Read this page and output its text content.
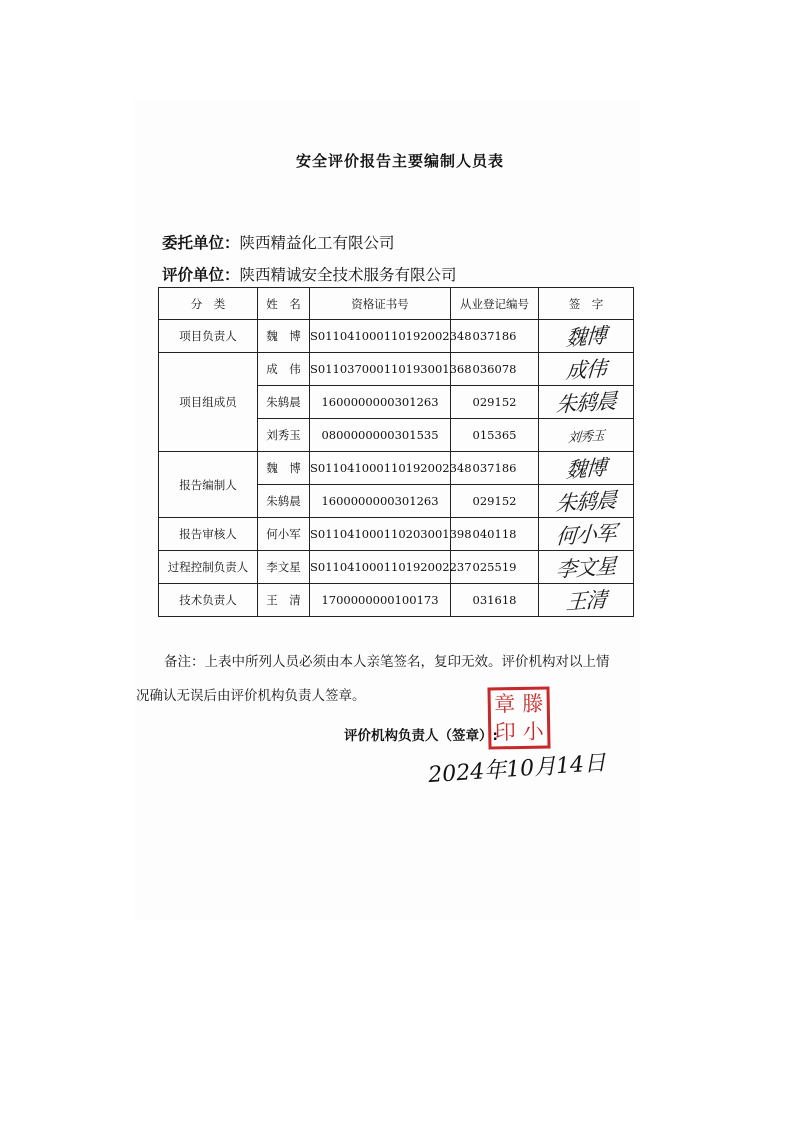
安全评价报告主要编制人员表
委托单位：陕西精益化工有限公司
评价单位：陕西精诚安全技术服务有限公司
分　类	姓　名	资格证书号	从业登记编号	签　字
项目负责人	魏　博	S011041000110192002348	037186	魏博
项目组成员	成　伟	S011037000110193001368	036078	成伟
	朱鸫晨	1600000000301263	029152	朱鸫晨
	刘秀玉	0800000000301535	015365	刘秀玉
报告编制人	魏　博	S011041000110192002348	037186	魏博
	朱鸫晨	1600000000301263	029152	朱鸫晨
报告审核人	何小军	S011041000110203001398	040118	何小军
过程控制负责人	李文星	S011041000110192002237	025519	李文星
技术负责人	王　清	1700000000100173	031618	王清
备注：上表中所列人员必须由本人亲笔签名，复印无效。评价机构对以上情
况确认无误后由评价机构负责人签章。
评价机构负责人（签章）:
章 滕
印 小
2024年10月14日
